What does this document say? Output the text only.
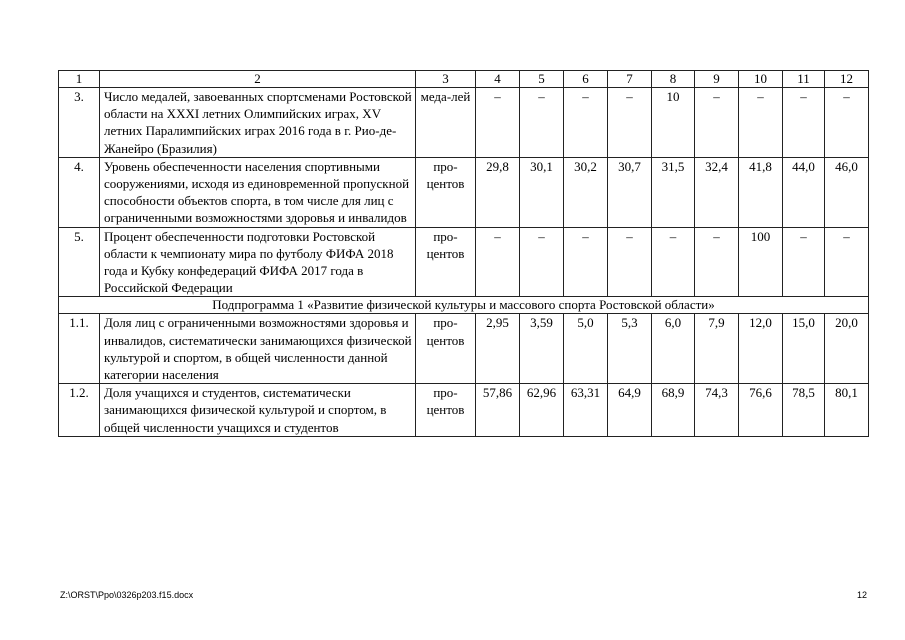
1	2	3	4	5	6	7	8	9	10	11	12
3.	Число медалей, завоеванных спортсменами Ростовской области на XXXI летних Олимпийских играх, XV летних Паралимпийских играх 2016 года в г. Рио-де-Жанейро (Бразилия)	меда-лей	–	–	–	–	10	–	–	–	–
4.	Уровень обеспеченности населения спортивными сооружениями, исходя из единовременной пропускной способности объектов спорта, в том числе для лиц с ограниченными возможностями здоровья и инвалидов	про-центов	29,8	30,1	30,2	30,7	31,5	32,4	41,8	44,0	46,0
5.	Процент обеспеченности подготовки Ростовской области к чемпионату мира по футболу ФИФА 2018 года и Кубку конфедераций ФИФА 2017 года в Российской Федерации	про-центов	–	–	–	–	–	–	100	–	–
Подпрограмма 1 «Развитие физической культуры и массового спорта Ростовской области»											
1.1.	Доля лиц с ограниченными возможностями здоровья и инвалидов, систематически занимающихся физической культурой и спортом, в общей численности данной категории населения	про-центов	2,95	3,59	5,0	5,3	6,0	7,9	12,0	15,0	20,0
1.2.	Доля учащихся и студентов, систематически занимающихся физической культурой и спортом, в общей численности учащихся и студентов	про-центов	57,86	62,96	63,31	64,9	68,9	74,3	76,6	78,5	80,1
Z:\ORST\Ppo\0326p203.f15.docx	12
